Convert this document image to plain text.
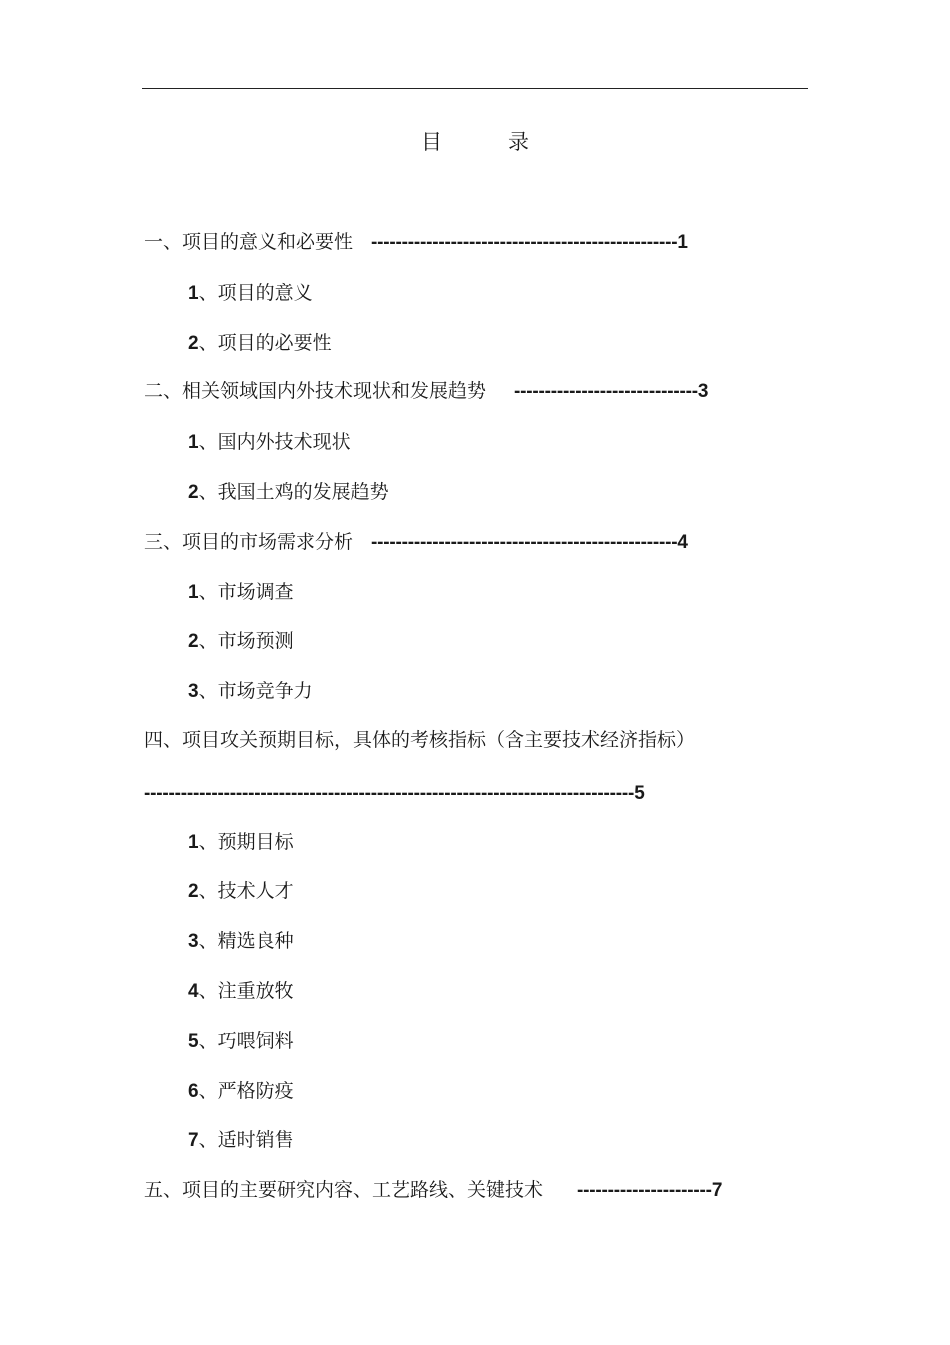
目	录
一、项目的意义和必要性 --------------------------------------------------1
1、项目的意义
2、项目的必要性
二、相关领域国内外技术现状和发展趋势 ------------------------------3
1、国内外技术现状
2、我国土鸡的发展趋势
三、项目的市场需求分析 --------------------------------------------------4
1、市场调查
2、市场预测
3、市场竞争力
四、项目攻关预期目标，具体的考核指标（含主要技术经济指标）
--------------------------------------------------------------------------------5
1、预期目标
2、技术人才
3、精选良种
4、注重放牧
5、巧喂饲料
6、严格防疫
7、适时销售
五、项目的主要研究内容、工艺路线、关键技术 ----------------------7
